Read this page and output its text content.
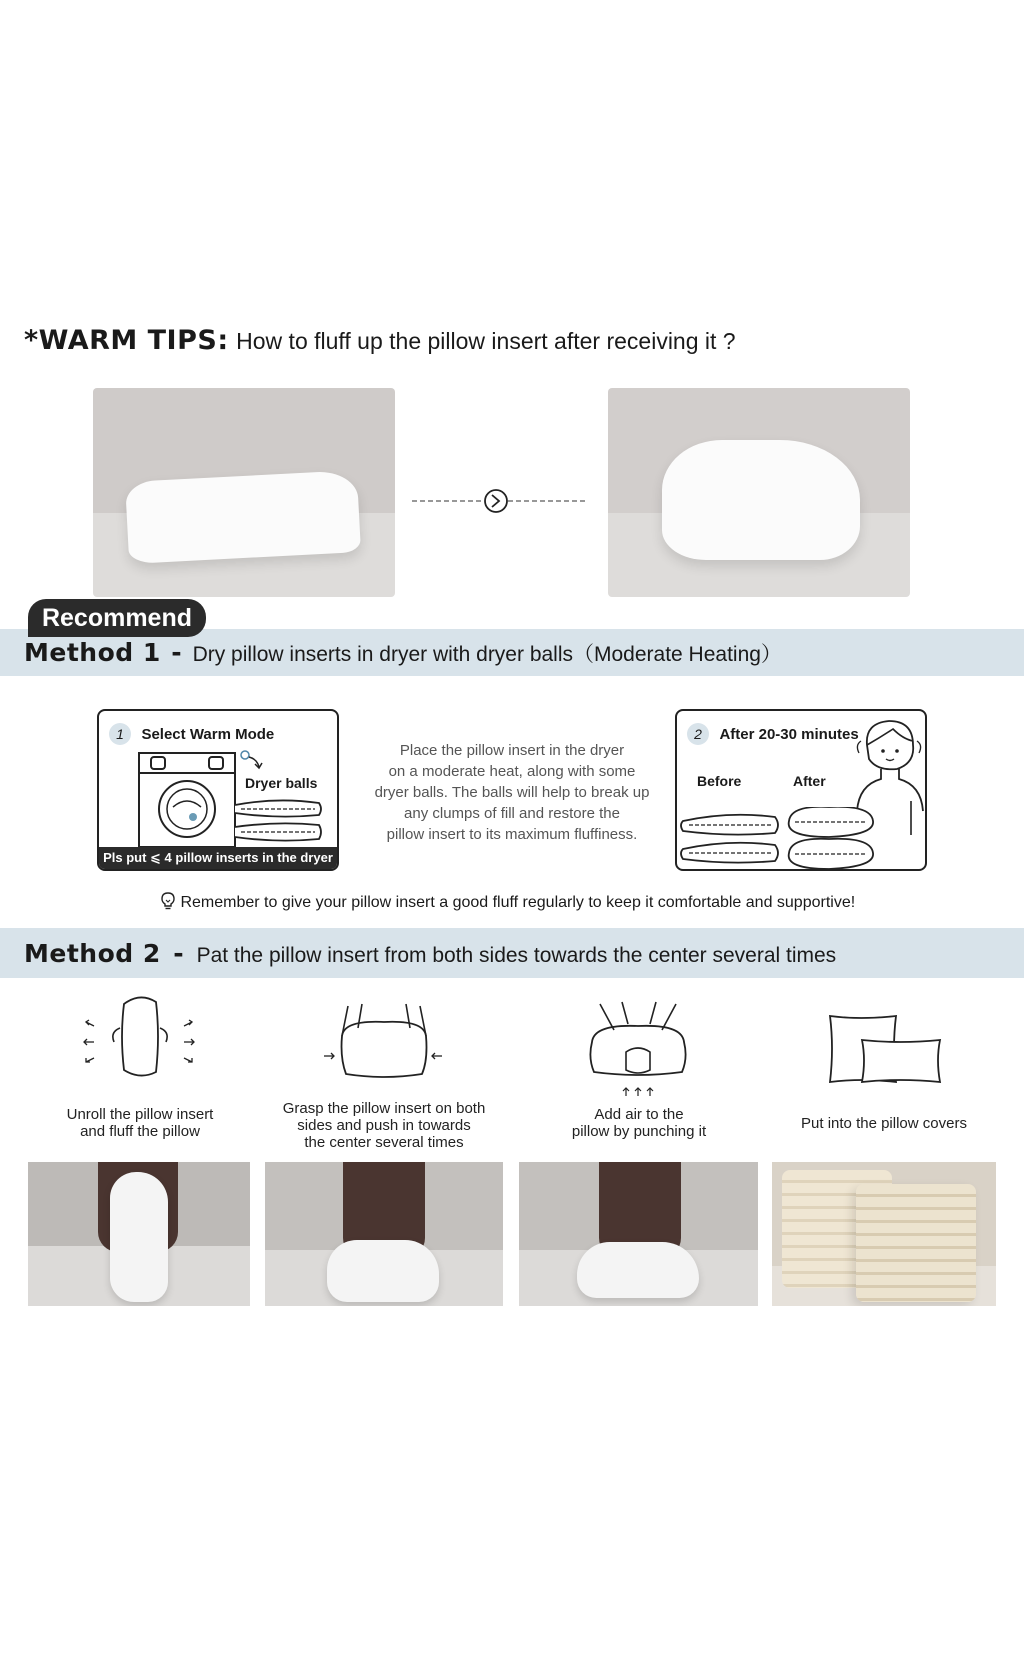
*WARM TIPS: How to fluff up the pillow insert after receiving it ?
Recommend
Method 1 - Dry pillow inserts in dryer with dryer balls（Moderate Heating）
1 Select Warm Mode
Dryer balls
Pls put ⩽ 4 pillow inserts in the dryer
Place the pillow insert in the dryer
on a moderate heat, along with some
dryer balls. The balls will help to break up
any clumps of fill and restore the
pillow insert to its maximum fluffiness.
2 After 20-30 minutes
Before	After
Remember to give your pillow insert a good fluff regularly to keep it comfortable and supportive!
Method 2 - Pat the pillow insert from both sides towards the center several times
Unroll the pillow insert
and fluff the pillow
Grasp the pillow insert on both
sides and push in towards
the center several times
Add air to the
pillow by punching it	Put into the pillow covers
